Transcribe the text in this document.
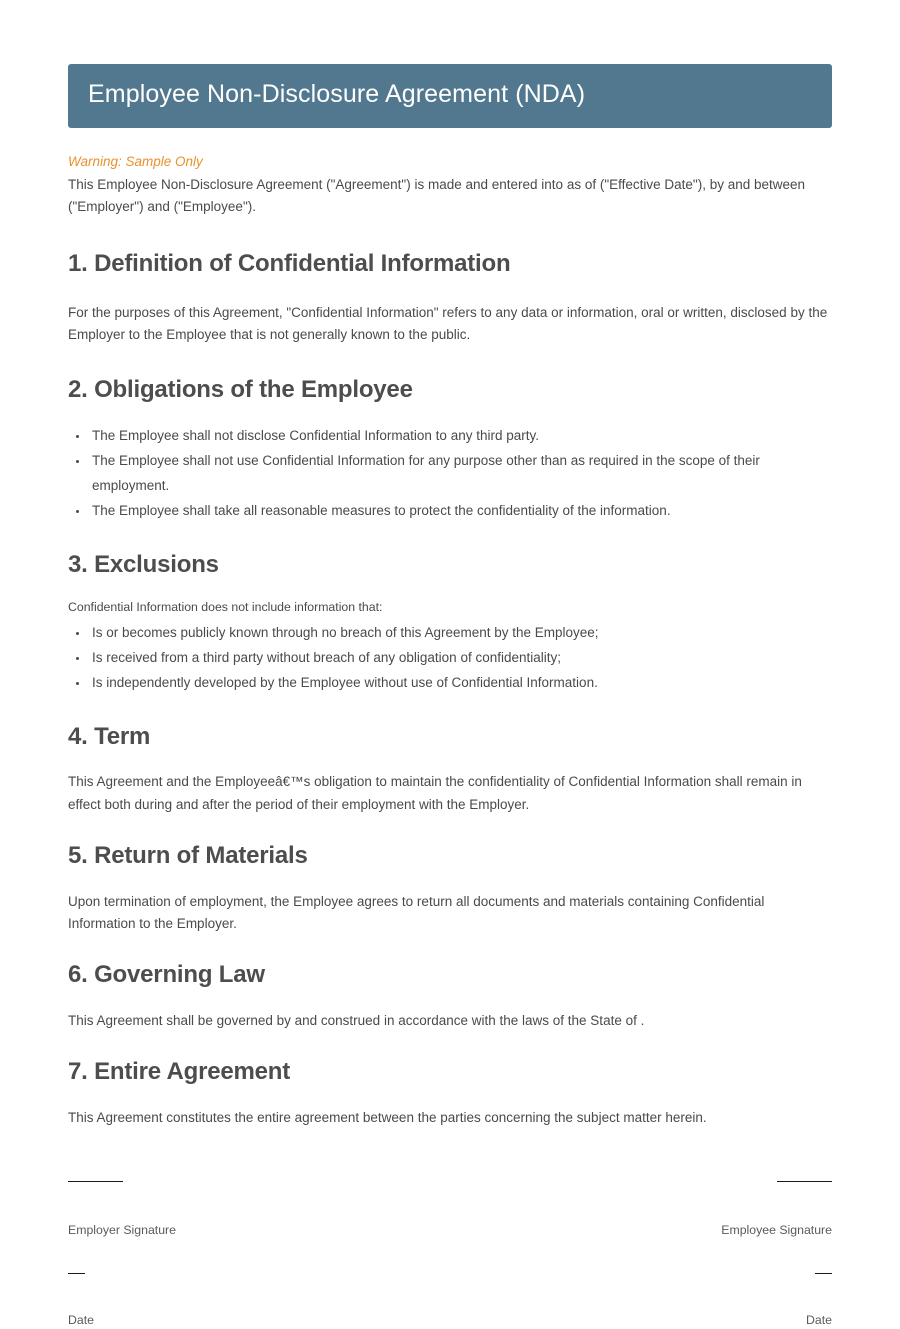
Employee Non-Disclosure Agreement (NDA)

Warning: Sample Only

This Employee Non-Disclosure Agreement ("Agreement") is made and entered into as of ("Effective Date"), by and between ("Employer") and ("Employee").

1. Definition of Confidential Information

For the purposes of this Agreement, "Confidential Information" refers to any data or information, oral or written, disclosed by the Employer to the Employee that is not generally known to the public.

2. Obligations of the Employee
• The Employee shall not disclose Confidential Information to any third party.
• The Employee shall not use Confidential Information for any purpose other than as required in the scope of their employment.
• The Employee shall take all reasonable measures to protect the confidentiality of the information.
3. Exclusions

Confidential Information does not include information that:

• Is or becomes publicly known through no breach of this Agreement by the Employee;
• Is received from a third party without breach of any obligation of confidentiality;
• Is independently developed by the Employee without use of Confidential Information.
4. Term

This Agreement and the Employeeâ€™s obligation to maintain the confidentiality of Confidential Information shall remain in effect both during and after the period of their employment with the Employer.

5. Return of Materials

Upon termination of employment, the Employee agrees to return all documents and materials containing Confidential Information to the Employer.

6. Governing Law

This Agreement shall be governed by and construed in accordance with the laws of the State of .

7. Entire Agreement

This Agreement constitutes the entire agreement between the parties concerning the subject matter herein.

Employer Signature	Employee Signature
Date	Date
